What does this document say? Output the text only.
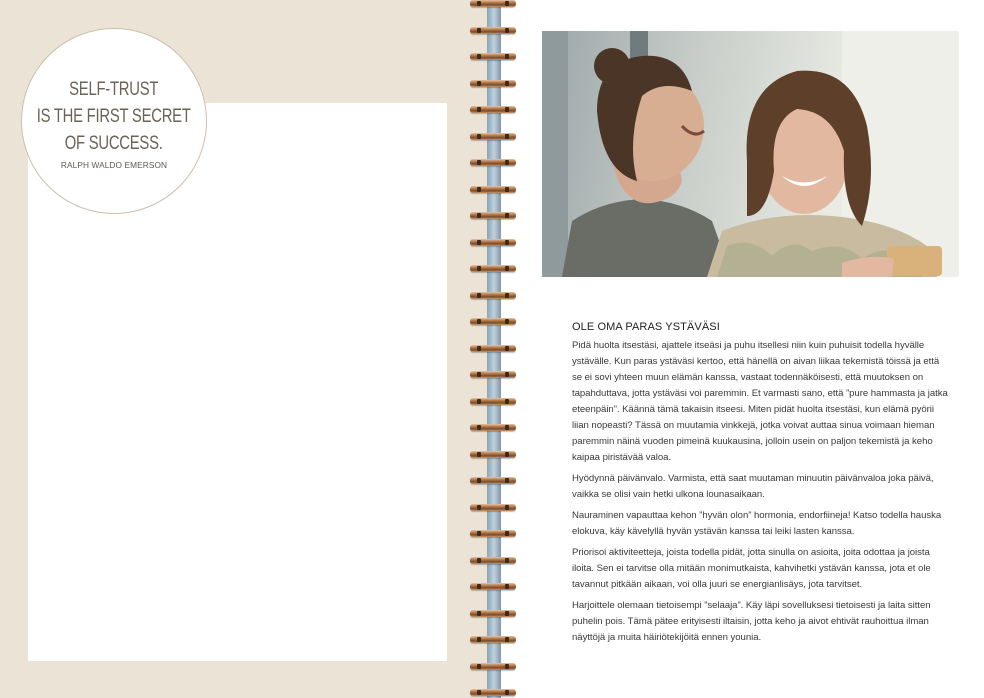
SELF-TRUST
IS THE FIRST SECRET
OF SUCCESS.
RALPH WALDO EMERSON
OLE OMA PARAS YSTÄVÄSI

Pidä huolta itsestäsi, ajattele itseäsi ja puhu itsellesi niin kuin puhuisit todella hyvälle ystävälle. Kun paras ystäväsi kertoo, että hänellä on aivan liikaa tekemistä töissä ja että se ei sovi yhteen muun elämän kanssa, vastaat todennäköisesti, että muutoksen on tapahduttava, jotta ystäväsi voi paremmin. Et varmasti sano, että ”pure hammasta ja jatka eteenpäin”. Käännä tämä takaisin itseesi. Miten pidät huolta itsestäsi, kun elämä pyörii liian nopeasti? Tässä on muutamia vinkkejä, jotka voivat auttaa sinua voimaan hieman paremmin näinä vuoden pimeinä kuukausina, jolloin usein on paljon tekemistä ja keho kaipaa piristävää valoa.

Hyödynnä päivänvalo. Varmista, että saat muutaman minuutin päivänvaloa joka päivä, vaikka se olisi vain hetki ulkona lounasaikaan.

Nauraminen vapauttaa kehon ”hyvän olon” hormonia, endorfiineja! Katso todella hauska elokuva, käy kävelyllä hyvän ystävän kanssa tai leiki lasten kanssa.

Priorisoi aktiviteetteja, joista todella pidät, jotta sinulla on asioita, joita odottaa ja joista iloita. Sen ei tarvitse olla mitään monimutkaista, kahvihetki ystävän kanssa, jota et ole tavannut pitkään aikaan, voi olla juuri se energianlisäys, jota tarvitset.

Harjoittele olemaan tietoisempi ”selaaja”. Käy läpi sovelluksesi tietoisesti ja laita sitten puhelin pois. Tämä pätee erityisesti iltaisin, jotta keho ja aivot ehtivät rauhoittua ilman näyttöjä ja muita häiriötekijöitä ennen younia.
